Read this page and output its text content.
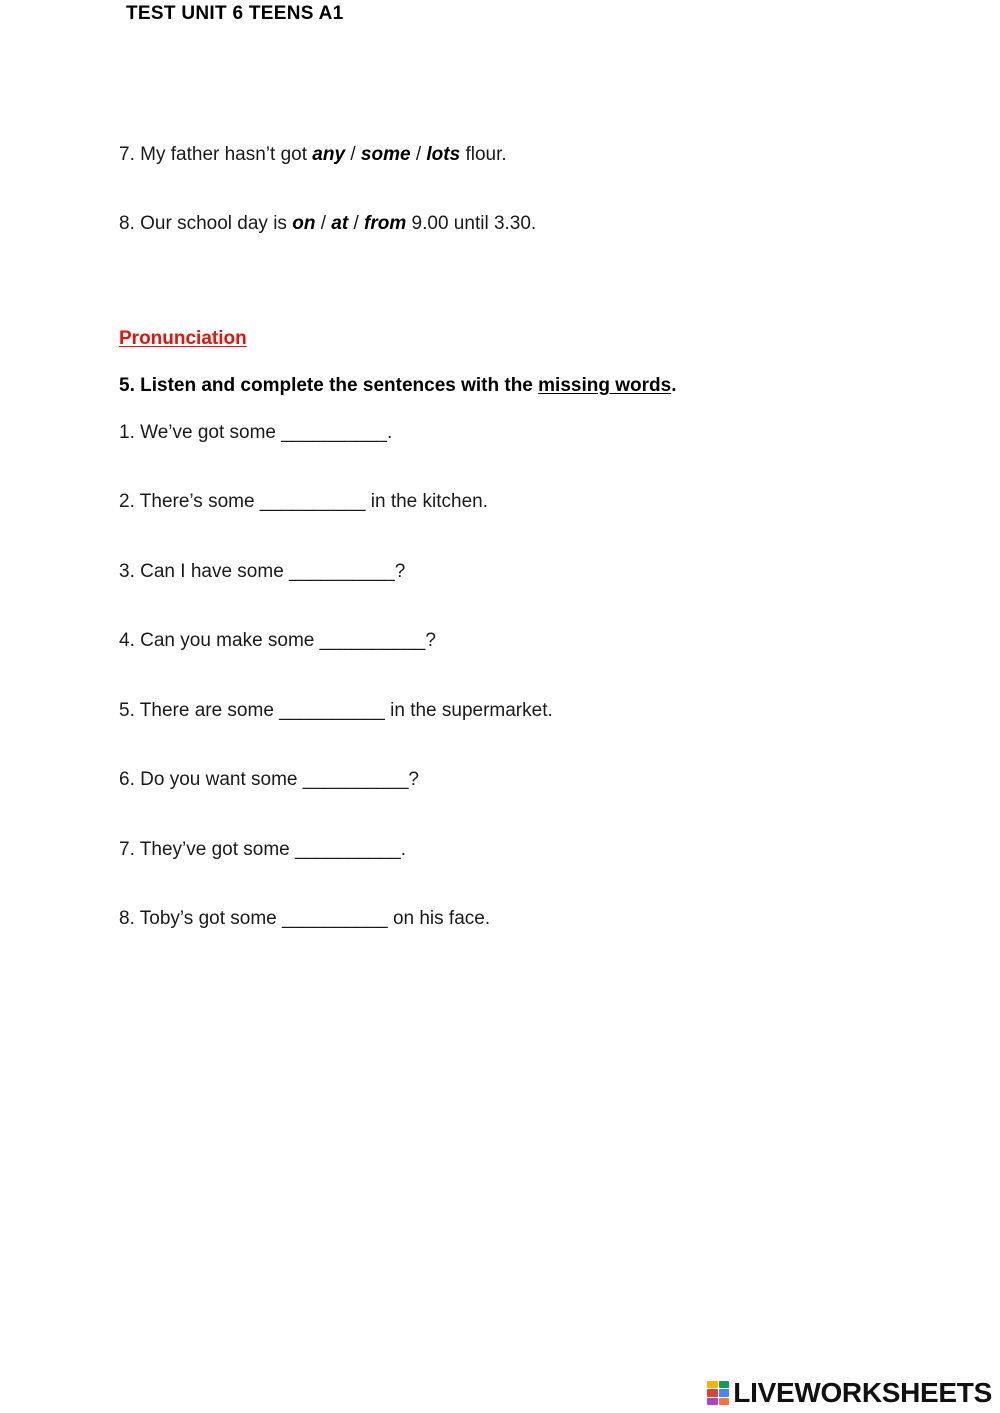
TEST UNIT 6 TEENS A1
7. My father hasn’t got any / some / lots flour.
8. Our school day is on / at / from 9.00 until 3.30.
Pronunciation
5. Listen and complete the sentences with the missing words.
1. We’ve got some __________.
2. There’s some __________ in the kitchen.
3. Can I have some __________?
4. Can you make some __________?
5. There are some __________ in the supermarket.
6. Do you want some __________?
7. They’ve got some __________.
8. Toby’s got some __________ on his face.
LIVEWORKSHEETS
